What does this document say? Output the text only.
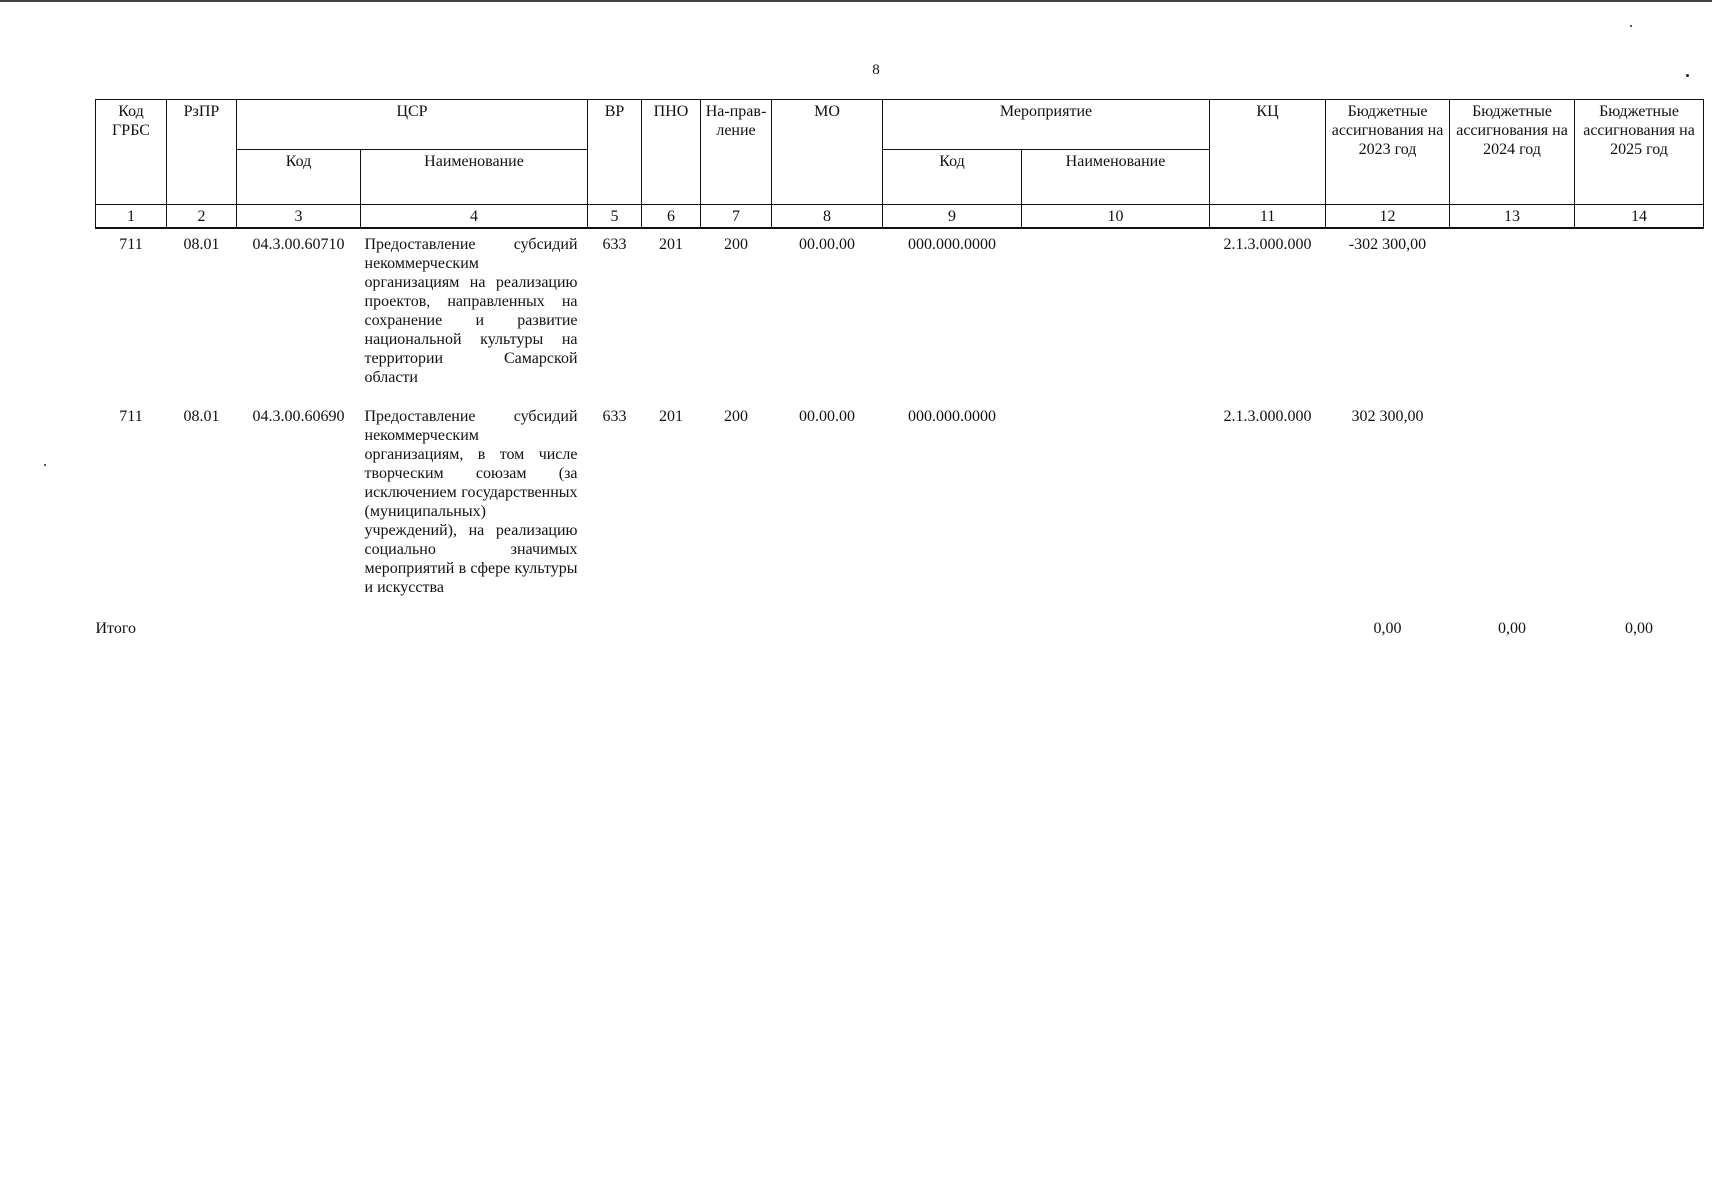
8
Код ГРБС	РзПР	ЦСР		ВР	ПНО	На-прав-ление	МО	Мероприятие		КЦ	Бюджетные ассигнования на 2023 год	Бюджетные ассигнования на 2024 год	Бюджетные ассигнования на 2025 год
		Код	Наименование					Код	Наименование				
1	2	3	4	5	6	7	8	9	10	11	12	13	14
711	08.01	04.3.00.60710	Предоставление субсидий некоммерческим организациям на реализацию проектов, направленных на сохранение и развитие национальной культуры на территории Самарской области	633	201	200	00.00.00	000.000.0000		2.1.3.000.000	-302 300,00		
711	08.01	04.3.00.60690	Предоставление субсидий некоммерческим организациям, в том числе творческим союзам (за исключением государственных (муниципальных) учреждений), на реализацию социально значимых мероприятий в сфере культуры и искусства	633	201	200	00.00.00	000.000.0000		2.1.3.000.000	302 300,00		
Итого											0,00	0,00	0,00
